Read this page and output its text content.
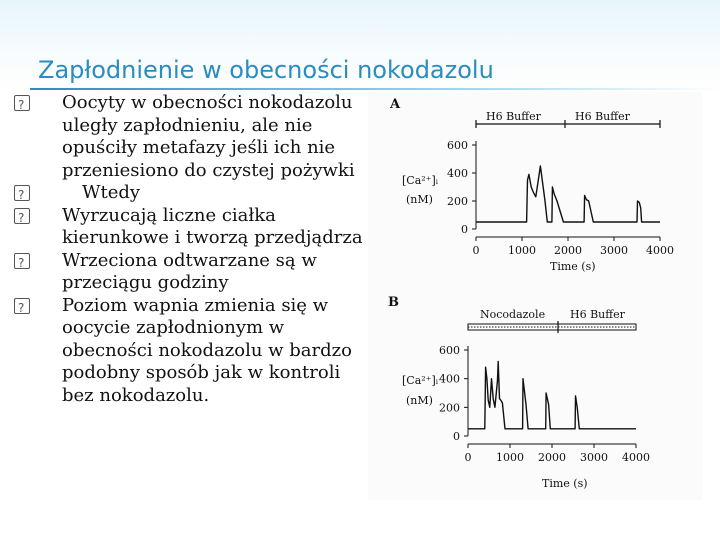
Zapłodnienie w obecności nokodazolu
?
Oocyty w obecności nokodazolu uległy zapłodnieniu, ale nie opuściły metafazy jeśli ich nie przeniesiono do czystej pożywki
?
Wtedy
?
Wyrzucają liczne ciałka kierunkowe i tworzą przedjądrza
?
Wrzeciona odtwarzane są w przeciągu godziny
?
Poziom wapnia zmienia się w oocycie zapłodnionym w obecności nokodazolu w bardzo podobny sposób jak w kontroli bez nokodazolu.
A
H6 Buffer	H6 Buffer
[Ca²⁺]ᵢ
(nM)
Time (s)
0
200
400
600
0	1000 2000 3000 4000
B
Nocodazole H6 Buffer
[Ca²⁺]ᵢ
(nM)
Time (s)
0
200
400
600
0 1000 2000 3000 4000
